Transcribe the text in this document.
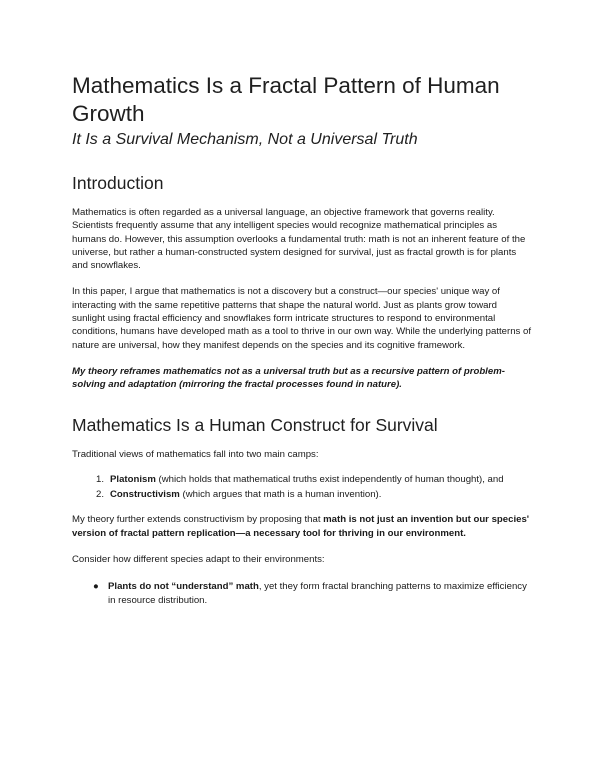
Mathematics Is a Fractal Pattern of Human Growth
It Is a Survival Mechanism, Not a Universal Truth
Introduction

Mathematics is often regarded as a universal language, an objective framework that governs reality. Scientists frequently assume that any intelligent species would recognize mathematical principles as humans do. However, this assumption overlooks a fundamental truth: math is not an inherent feature of the universe, but rather a human-constructed system designed for survival, just as fractal growth is for plants and snowflakes.

In this paper, I argue that mathematics is not a discovery but a construct—our species' unique way of interacting with the same repetitive patterns that shape the natural world. Just as plants grow toward sunlight using fractal efficiency and snowflakes form intricate structures to respond to environmental conditions, humans have developed math as a tool to thrive in our own way. While the underlying patterns of nature are universal, how they manifest depends on the species and its cognitive framework.

My theory reframes mathematics not as a universal truth but as a recursive pattern of problem-solving and adaptation (mirroring the fractal processes found in nature).

Mathematics Is a Human Construct for Survival

Traditional views of mathematics fall into two main camps:

1. Platonism (which holds that mathematical truths exist independently of human thought), and
2. Constructivism (which argues that math is a human invention).

My theory further extends constructivism by proposing that math is not just an invention but our species' version of fractal pattern replication—a necessary tool for thriving in our environment.

Consider how different species adapt to their environments:

● Plants do not “understand” math, yet they form fractal branching patterns to maximize efficiency in resource distribution.
